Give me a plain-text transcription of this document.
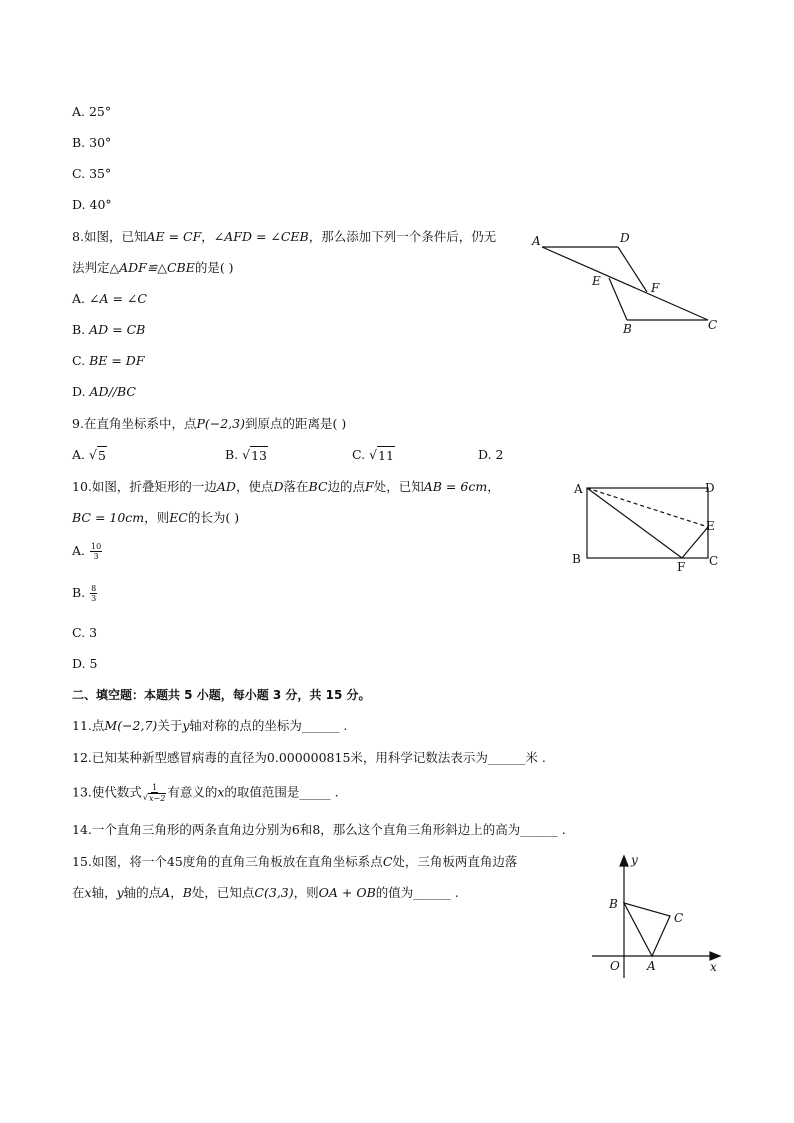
A. 25°
B. 30°
C. 35°
D. 40°
8.如图，已知AE = CF，∠AFD = ∠CEB，那么添加下列一个条件后，仍无
法判定△ADF≌△CBE的是( )
A. ∠A = ∠C
B. AD = CB
C. BE = DF
D. AD//BC
A	D
E	F
B	C
9.在直角坐标系中，点P(−2,3)到原点的距离是( )
A. √ 5	B. √ 13	C. √ 11	D. 2
10.如图，折叠矩形的一边AD，使点D落在BC边的点F处，已知AB = 6cm，
BC = 10cm，则EC的长为( )
A. $\frac{10}{3}$
B. $\frac{8}{3}$
C. 3
D. 5
A	D
E
B
F C
二、填空题：本题共 5 小题，每小题 3 分，共 15 分。
11.点M(−2,7)关于y轴对称的点的坐标为______ .
12.已知某种新型感冒病毒的直径为0.000000815米，用科学记数法表示为______米 .
13.使代数式 $\frac{1}{√ x-2}$ 有意义的x的取值范围是_____ .
14.一个直角三角形的两条直角边分别为6和8，那么这个直角三角形斜边上的高为______ .
15.如图，将一个45度角的直角三角板放在直角坐标系点C处，三角板两直角边落
在x轴，y轴的点A，B处，已知点C(3,3)，则OA + OB的值为______ .
y
x
O A
B
C
